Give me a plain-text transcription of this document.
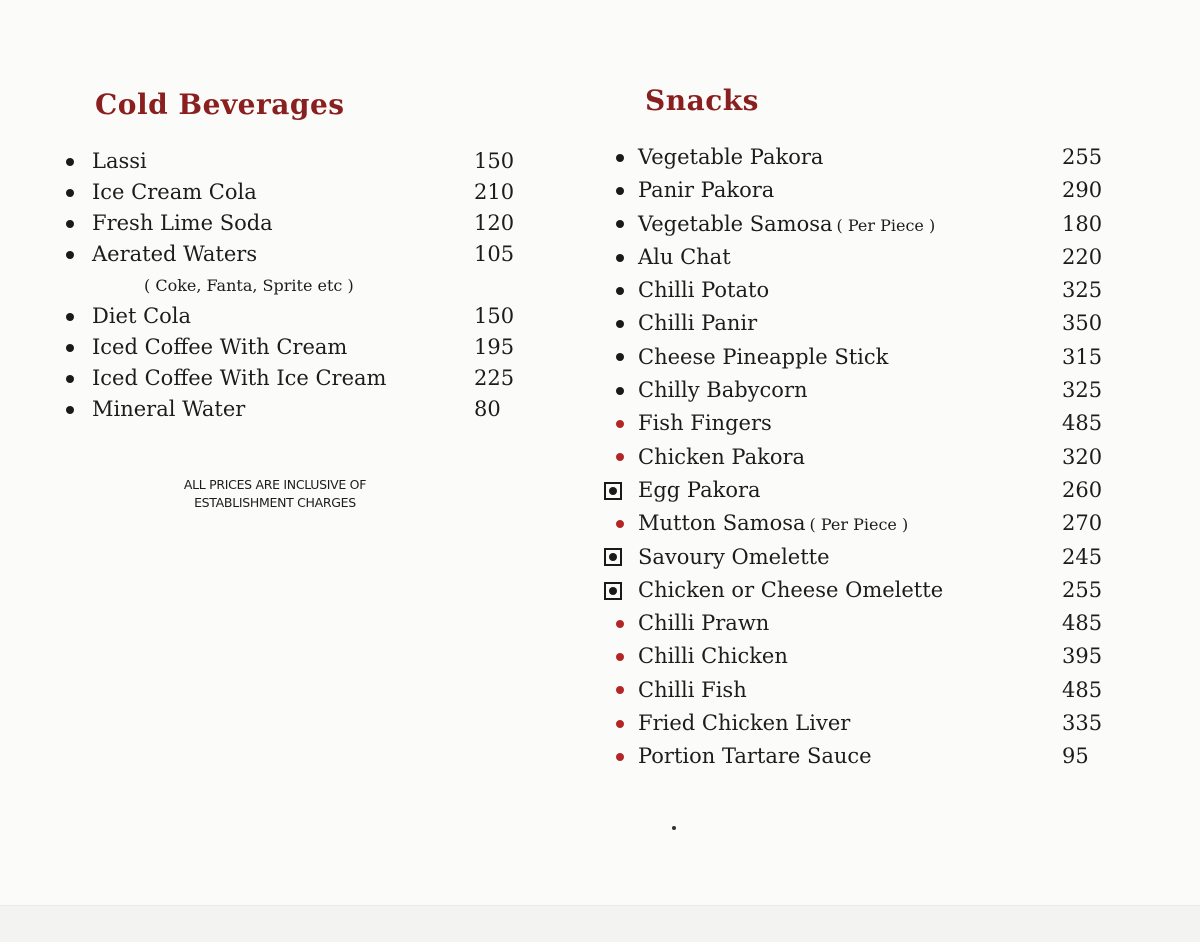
Cold Beverages
Lassi	150
Ice Cream Cola	210
Fresh Lime Soda	120
Aerated Waters	105
( Coke, Fanta, Sprite etc )
Diet Cola	150
Iced Coffee With Cream	195
Iced Coffee With Ice Cream	225
Mineral Water	80
ALL PRICES ARE INCLUSIVE OF
ESTABLISHMENT CHARGES
Snacks
Vegetable Pakora	255
Panir Pakora	290
Vegetable Samosa ( Per Piece )	180
Alu Chat	220
Chilli Potato	325
Chilli Panir	350
Cheese Pineapple Stick	315
Chilly Babycorn	325
Fish Fingers	485
Chicken Pakora	320
Egg Pakora	260
Mutton Samosa ( Per Piece )	270
Savoury Omelette	245
Chicken or Cheese Omelette	255
Chilli Prawn	485
Chilli Chicken	395
Chilli Fish	485
Fried Chicken Liver	335
Portion Tartare Sauce	95
